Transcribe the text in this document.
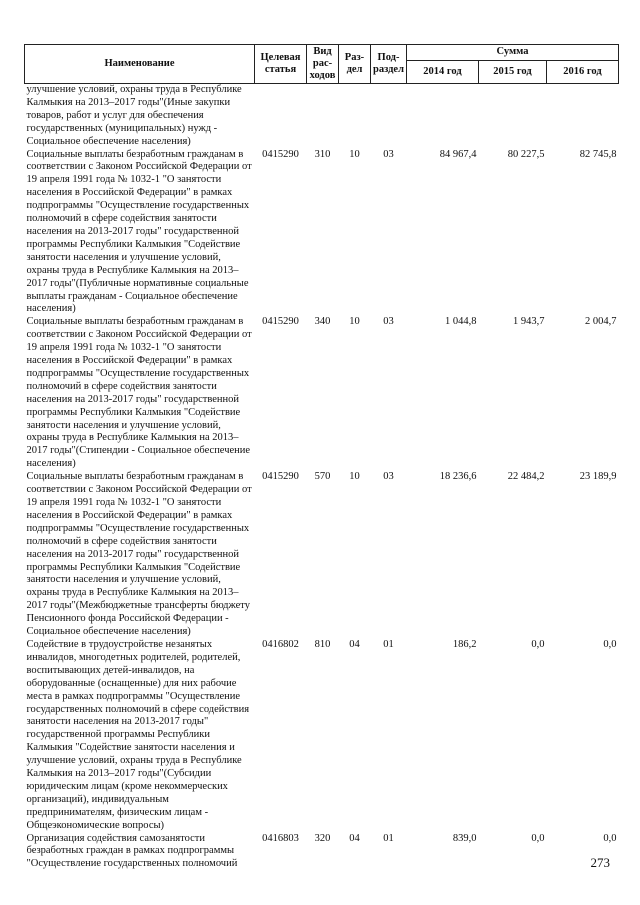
Наименование	Целевая статья	Вид рас-ходов	Раз-дел	Под-раздел	Сумма		
					2014 год	2015 год	2016 год
улучшение условий, охраны труда в Республике Калмыкия на 2013–2017 годы"(Иные закупки товаров, работ и услуг для обеспечения государственных (муниципальных) нужд - Социальное обеспечение населения)							
Социальные выплаты безработным гражданам в соответствии с Законом Российской Федерации от 19 апреля 1991 года № 1032-1 "О занятости населения в Российской Федерации" в рамках подпрограммы "Осуществление государственных полномочий в сфере содействия занятости населения на 2013-2017 годы" государственной программы Республики Калмыкия "Содействие занятости населения и улучшение условий, охраны труда в Республике Калмыкия на 2013–2017 годы"(Публичные нормативные социальные выплаты гражданам - Социальное обеспечение населения)	0415290	310	10	03	84 967,4	80 227,5	82 745,8
Социальные выплаты безработным гражданам в соответствии с Законом Российской Федерации от 19 апреля 1991 года № 1032-1 "О занятости населения в Российской Федерации" в рамках подпрограммы "Осуществление государственных полномочий в сфере содействия занятости населения на 2013-2017 годы" государственной программы Республики Калмыкия "Содействие занятости населения и улучшение условий, охраны труда в Республике Калмыкия на 2013–2017 годы"(Стипендии - Социальное обеспечение населения)	0415290	340	10	03	1 044,8	1 943,7	2 004,7
Социальные выплаты безработным гражданам в соответствии с Законом Российской Федерации от 19 апреля 1991 года № 1032-1 "О занятости населения в Российской Федерации" в рамках подпрограммы "Осуществление государственных полномочий в сфере содействия занятости населения на 2013-2017 годы" государственной программы Республики Калмыкия "Содействие занятости населения и улучшение условий, охраны труда в Республике Калмыкия на 2013–2017 годы"(Межбюджетные трансферты бюджету Пенсионного фонда Российской Федерации - Социальное обеспечение населения)	0415290	570	10	03	18 236,6	22 484,2	23 189,9
Содействие в трудоустройстве незанятых инвалидов, многодетных родителей, родителей, воспитывающих детей-инвалидов, на оборудованные (оснащенные) для них рабочие места в рамках подпрограммы "Осуществление государственных полномочий в сфере содействия занятости населения на 2013-2017 годы" государственной программы Республики Калмыкия "Содействие занятости населения и улучшение условий, охраны труда в Республике Калмыкия на 2013–2017 годы"(Субсидии юридическим лицам (кроме некоммерческих организаций), индивидуальным предпринимателям, физическим лицам - Общеэкономические вопросы)	0416802	810	04	01	186,2	0,0	0,0
Организация содействия самозанятости безработных граждан в рамках подпрограммы "Осуществление государственных полномочий	0416803	320	04	01	839,0	0,0	0,0
273
